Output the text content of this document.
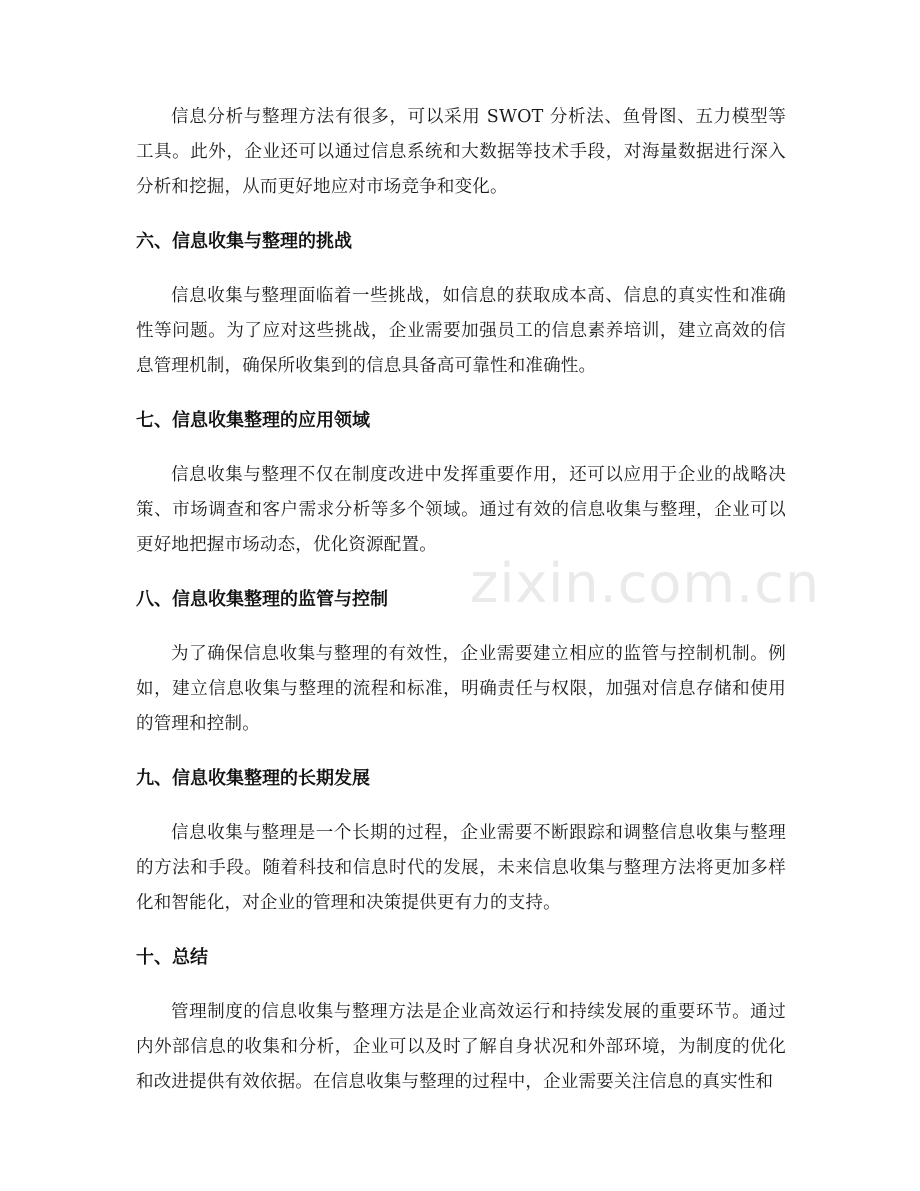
信息分析与整理方法有很多，可以采用 SWOT 分析法、鱼骨图、五力模型等工具。此外，企业还可以通过信息系统和大数据等技术手段，对海量数据进行深入分析和挖掘，从而更好地应对市场竞争和变化。

六、信息收集与整理的挑战

信息收集与整理面临着一些挑战，如信息的获取成本高、信息的真实性和准确性等问题。为了应对这些挑战，企业需要加强员工的信息素养培训，建立高效的信息管理机制，确保所收集到的信息具备高可靠性和准确性。

七、信息收集整理的应用领域

信息收集与整理不仅在制度改进中发挥重要作用，还可以应用于企业的战略决策、市场调查和客户需求分析等多个领域。通过有效的信息收集与整理，企业可以更好地把握市场动态，优化资源配置。

八、信息收集整理的监管与控制

为了确保信息收集与整理的有效性，企业需要建立相应的监管与控制机制。例如，建立信息收集与整理的流程和标准，明确责任与权限，加强对信息存储和使用的管理和控制。

九、信息收集整理的长期发展

信息收集与整理是一个长期的过程，企业需要不断跟踪和调整信息收集与整理的方法和手段。随着科技和信息时代的发展，未来信息收集与整理方法将更加多样化和智能化，对企业的管理和决策提供更有力的支持。

十、总结

管理制度的信息收集与整理方法是企业高效运行和持续发展的重要环节。通过内外部信息的收集和分析，企业可以及时了解自身状况和外部环境，为制度的优化和改进提供有效依据。在信息收集与整理的过程中，企业需要关注信息的真实性和

zixin.com.cn
